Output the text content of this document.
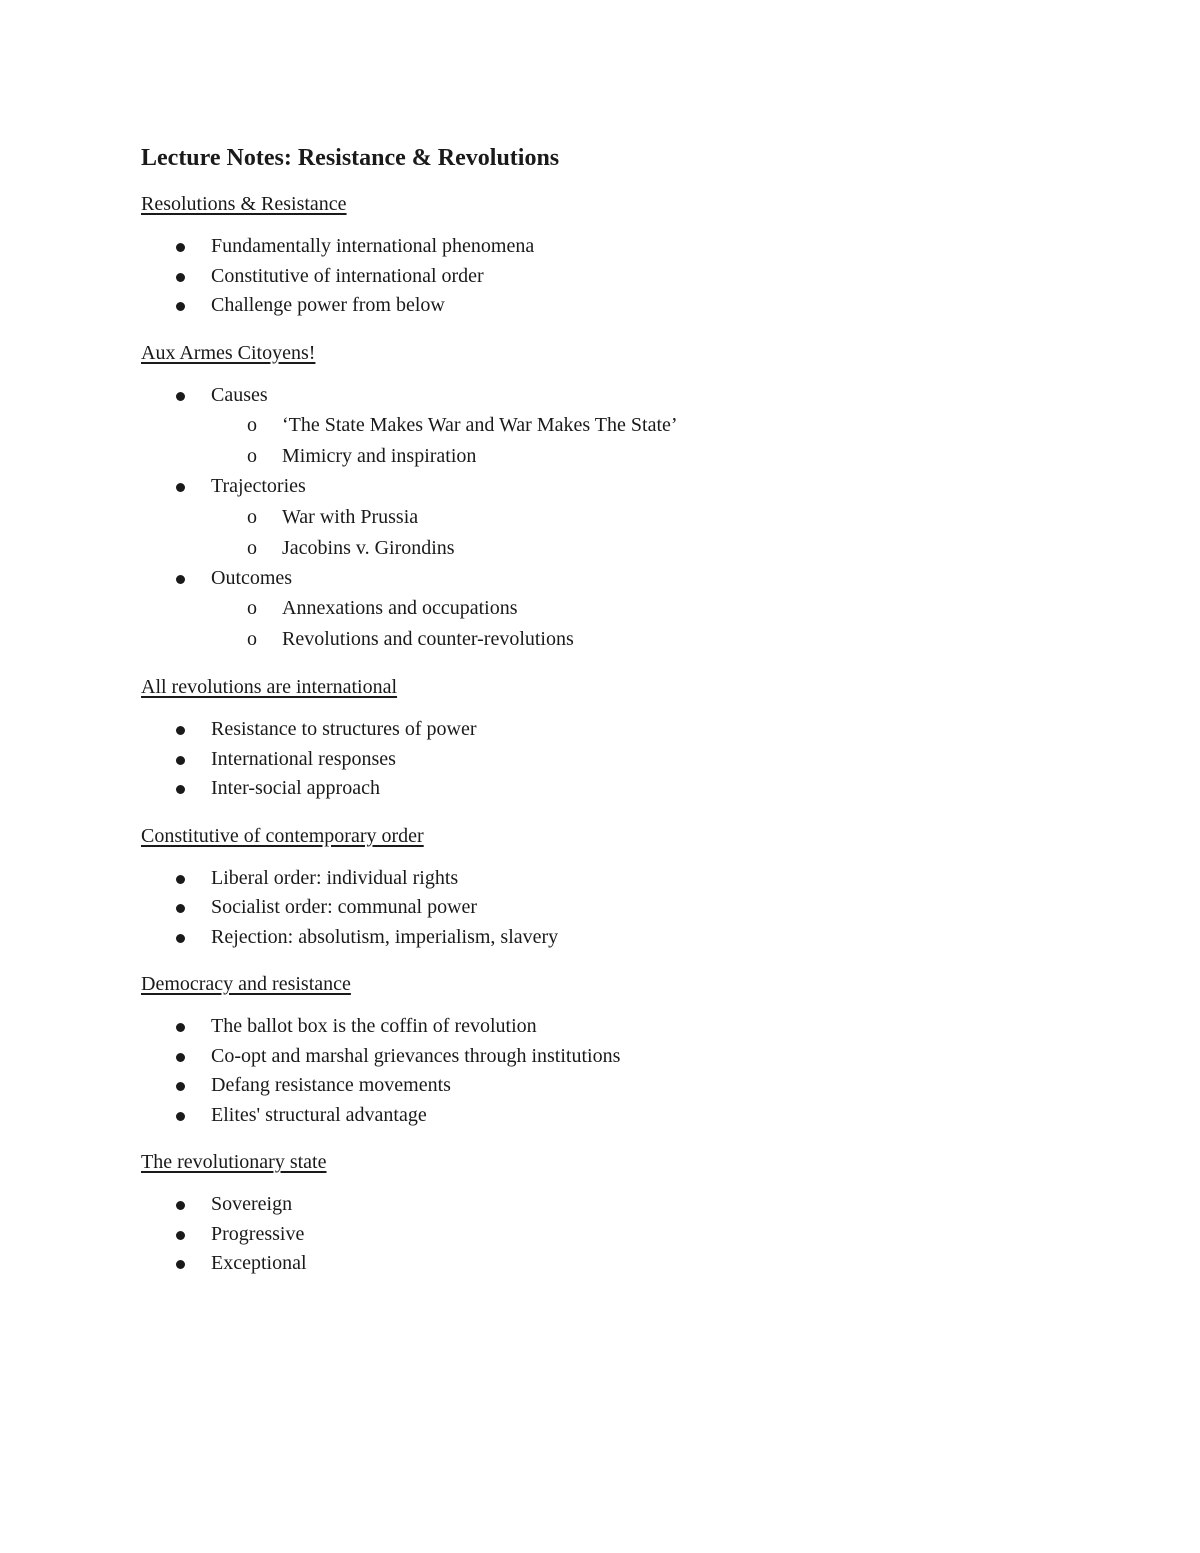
Lecture Notes: Resistance & Revolutions
Resolutions & Resistance
Fundamentally international phenomena
Constitutive of international order
Challenge power from below
Aux Armes Citoyens!
Causes
o ‘The State Makes War and War Makes The State’
o Mimicry and inspiration
Trajectories
o War with Prussia
o Jacobins v. Girondins
Outcomes
o Annexations and occupations
o Revolutions and counter-revolutions
All revolutions are international
Resistance to structures of power
International responses
Inter-social approach
Constitutive of contemporary order
Liberal order: individual rights
Socialist order: communal power
Rejection: absolutism, imperialism, slavery
Democracy and resistance
The ballot box is the coffin of revolution
Co-opt and marshal grievances through institutions
Defang resistance movements
Elites' structural advantage
The revolutionary state
Sovereign
Progressive
Exceptional
